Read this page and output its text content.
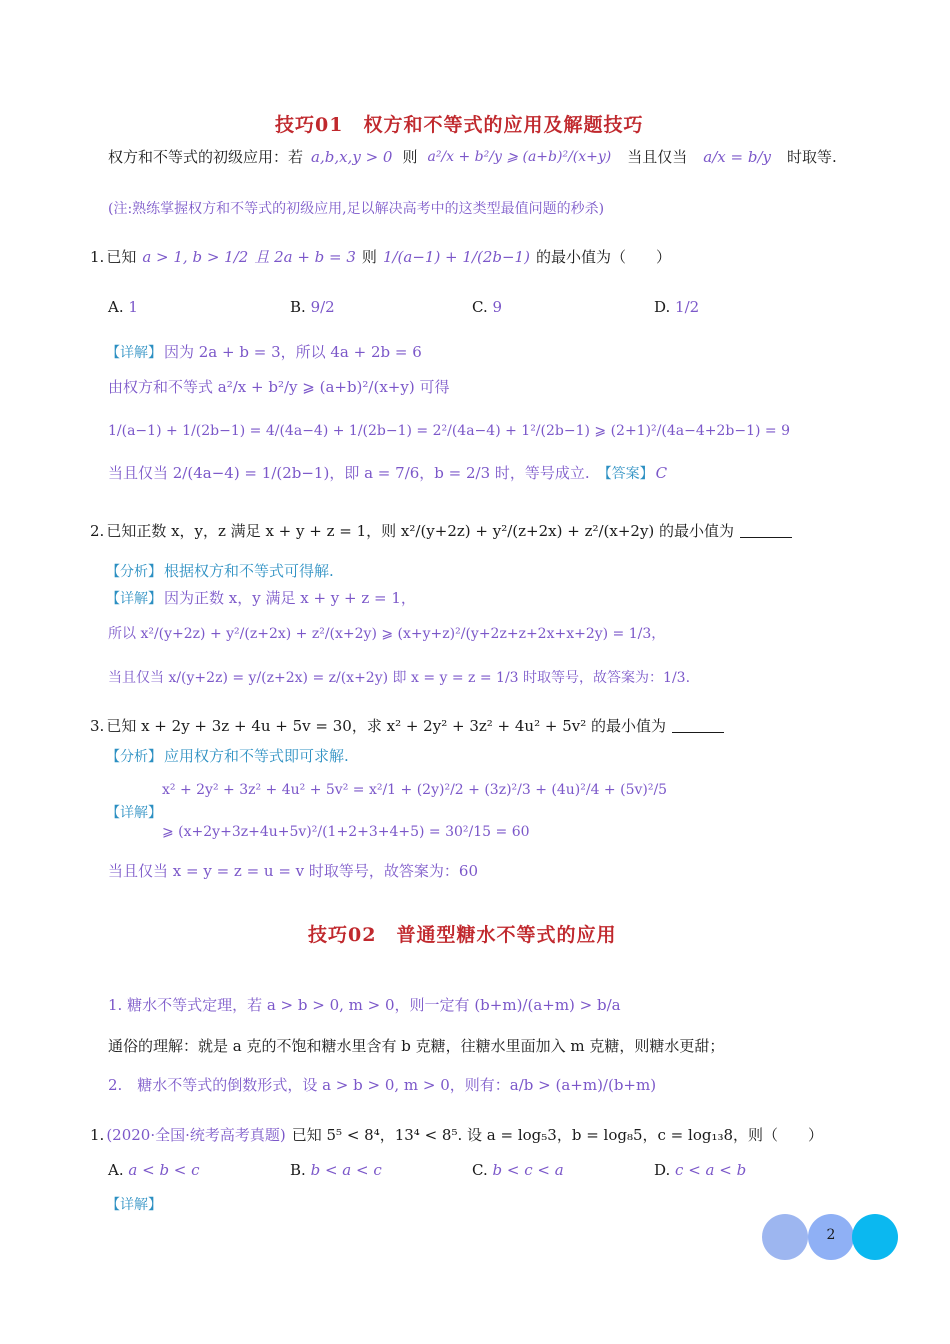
技巧01　权方和不等式的应用及解题技巧
权方和不等式的初级应用：若 a,b,x,y > 0 则 a²/x + b²/y ⩾ (a+b)²/(x+y) 当且仅当 a/x = b/y 时取等.
(注:熟练掌握权方和不等式的初级应用,足以解决高考中的这类型最值问题的秒杀)
1. 已知 a > 1, b > 1/2 且 2a + b = 3 则 1/(a−1) + 1/(2b−1) 的最小值为（　　）
A. 1	B. 9/2	C. 9	D. 1/2
【详解】 因为 2a + b = 3，所以 4a + 2b = 6
由权方和不等式 a²/x + b²/y ⩾ (a+b)²/(x+y) 可得
1/(a−1) + 1/(2b−1) = 4/(4a−4) + 1/(2b−1) = 2²/(4a−4) + 1²/(2b−1) ⩾ (2+1)²/(4a−4+2b−1) = 9
当且仅当 2/(4a−4) = 1/(2b−1)，即 a = 7/6，b = 2/3 时，等号成立. 【答案】 C
2. 已知正数 x，y，z 满足 x + y + z = 1，则 x²/(y+2z) + y²/(z+2x) + z²/(x+2y) 的最小值为
【分析】 根据权方和不等式可得解.
【详解】 因为正数 x，y 满足 x + y + z = 1，
所以 x²/(y+2z) + y²/(z+2x) + z²/(x+2y) ⩾ (x+y+z)²/(y+2z+z+2x+x+2y) = 1/3，
当且仅当 x/(y+2z) = y/(z+2x) = z/(x+2y) 即 x = y = z = 1/3 时取等号，故答案为：1/3.
3. 已知 x + 2y + 3z + 4u + 5v = 30，求 x² + 2y² + 3z² + 4u² + 5v² 的最小值为
【分析】 应用权方和不等式即可求解.
【详解】
x² + 2y² + 3z² + 4u² + 5v² = x²/1 + (2y)²/2 + (3z)²/3 + (4u)²/4 + (5v)²/5
⩾ (x+2y+3z+4u+5v)²/(1+2+3+4+5) = 30²/15 = 60
当且仅当 x = y = z = u = v 时取等号，故答案为：60
技巧02　普通型糖水不等式的应用
1. 糖水不等式定理，若 a > b > 0, m > 0，则一定有 (b+m)/(a+m) > b/a
通俗的理解：就是 a 克的不饱和糖水里含有 b 克糖，往糖水里面加入 m 克糖，则糖水更甜；
2.　糖水不等式的倒数形式，设 a > b > 0, m > 0，则有：a/b > (a+m)/(b+m)
1. (2020·全国·统考高考真题) 已知 5⁵ < 8⁴，13⁴ < 8⁵. 设 a = log₅3，b = log₈5，c = log₁₃8，则（　　）
A. a < b < c	B. b < a < c	C. b < c < a	D. c < a < b
【详解】
2
